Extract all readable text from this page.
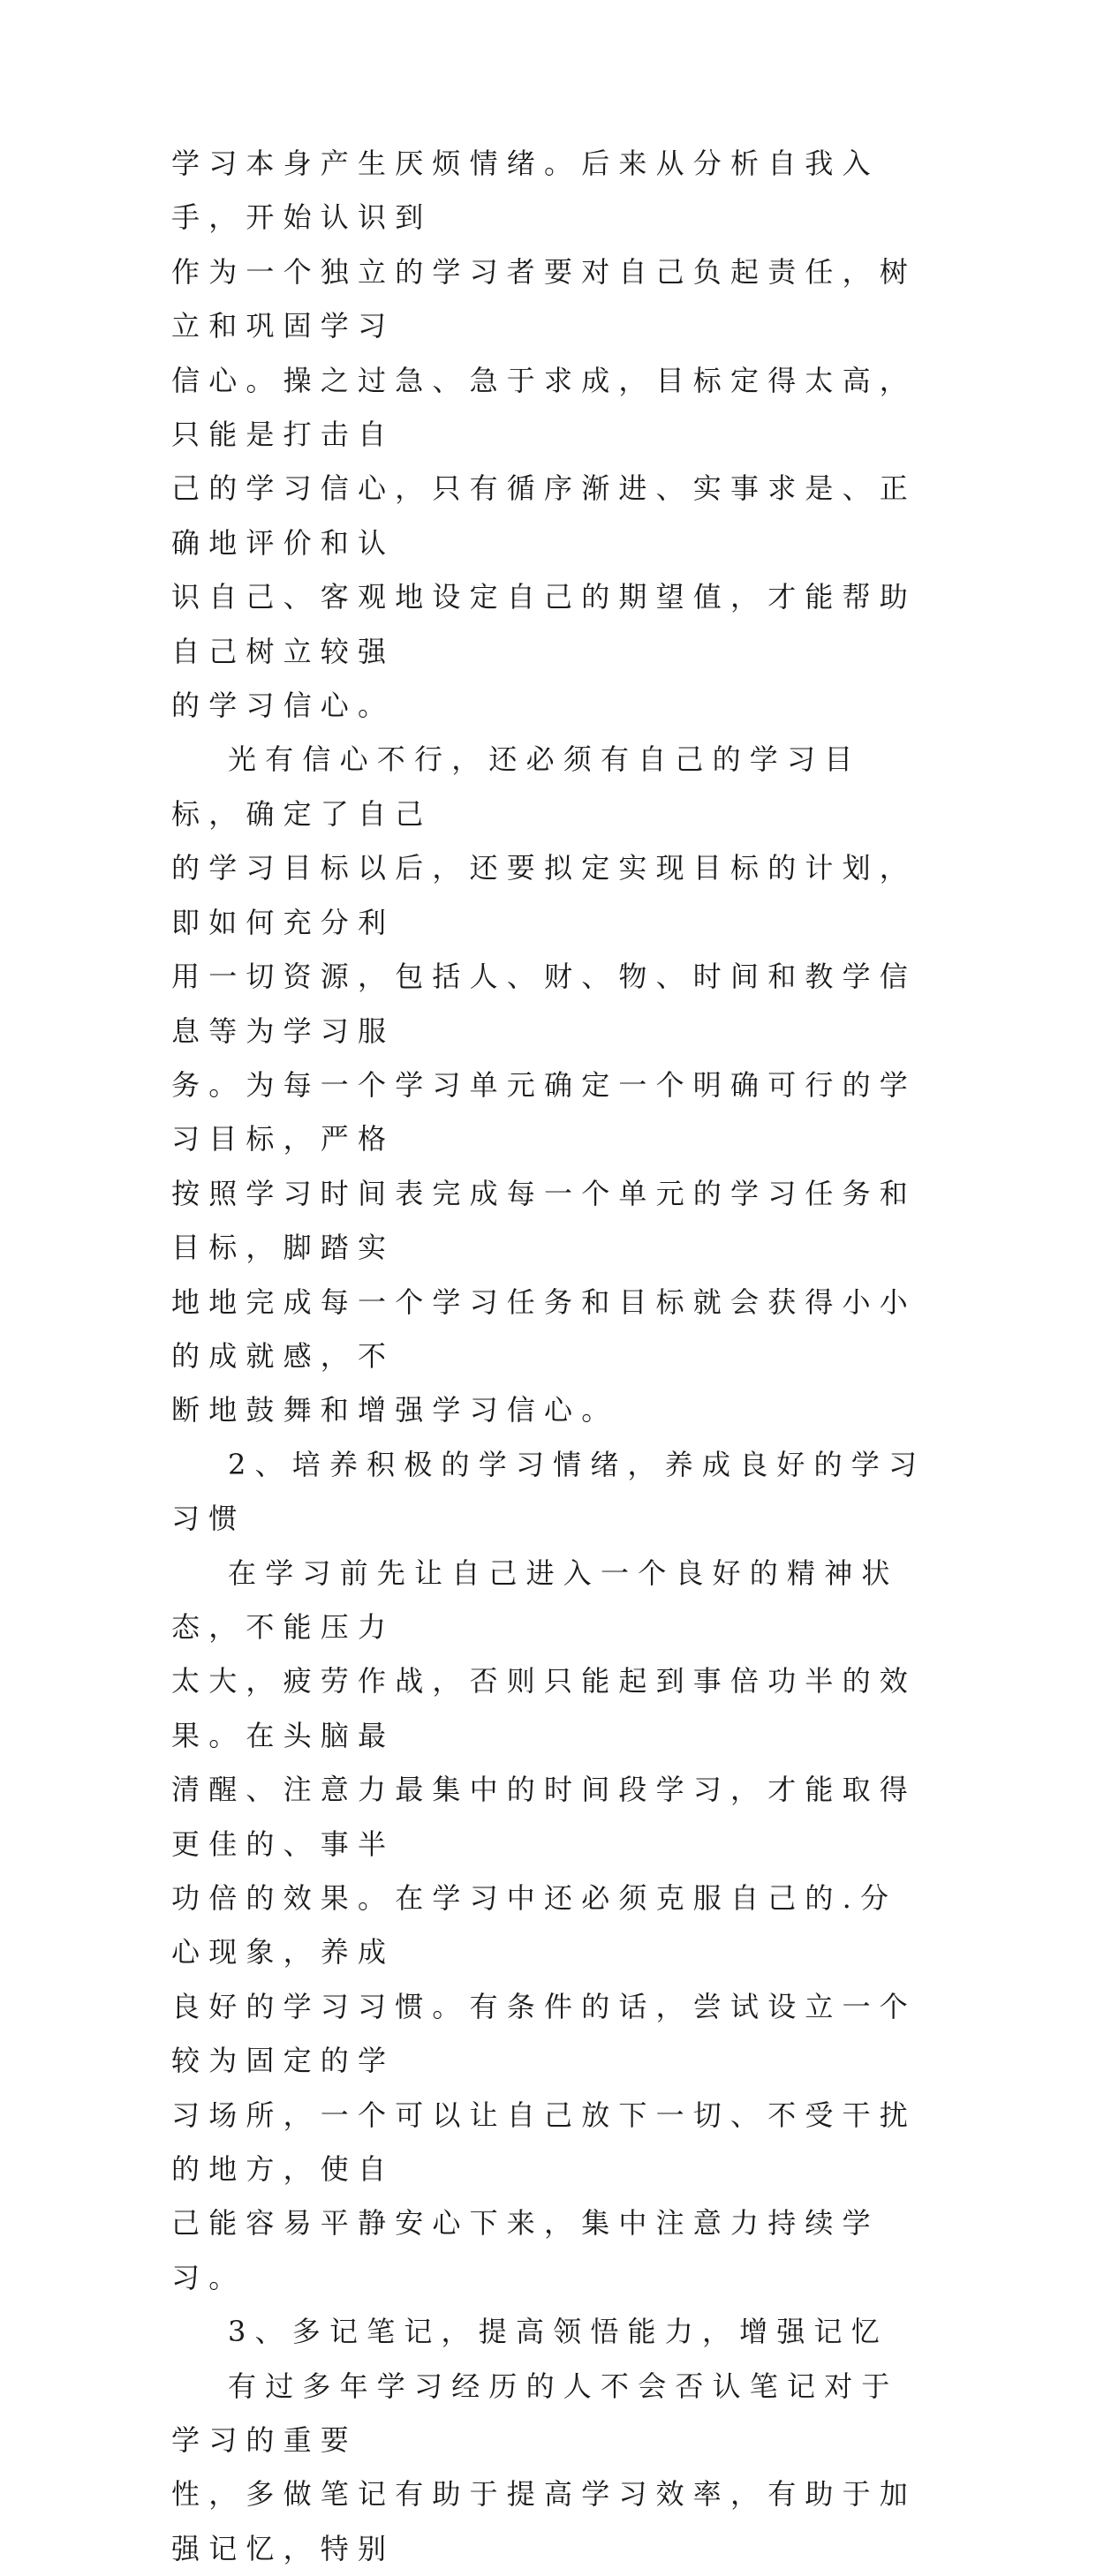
学习本身产生厌烦情绪。后来从分析自我入手，开始认识到
作为一个独立的学习者要对自己负起责任，树立和巩固学习
信心。操之过急、急于求成，目标定得太高，只能是打击自
己的学习信心，只有循序渐进、实事求是、正确地评价和认
识自己、客观地设定自己的期望值，才能帮助自己树立较强
的学习信心。
光有信心不行，还必须有自己的学习目标，确定了自己
的学习目标以后，还要拟定实现目标的计划，即如何充分利
用一切资源，包括人、财、物、时间和教学信息等为学习服
务。为每一个学习单元确定一个明确可行的学习目标，严格
按照学习时间表完成每一个单元的学习任务和目标，脚踏实
地地完成每一个学习任务和目标就会获得小小的成就感，不
断地鼓舞和增强学习信心。
2、培养积极的学习情绪，养成良好的学习习惯
在学习前先让自己进入一个良好的精神状态，不能压力
太大，疲劳作战，否则只能起到事倍功半的效果。在头脑最
清醒、注意力最集中的时间段学习，才能取得更佳的、事半
功倍的效果。在学习中还必须克服自己的.分心现象，养成
良好的学习习惯。有条件的话，尝试设立一个较为固定的学
习场所，一个可以让自己放下一切、不受干扰的地方，使自
己能容易平静安心下来，集中注意力持续学习。
3、多记笔记，提高领悟能力，增强记忆
有过多年学习经历的人不会否认笔记对于学习的重要
性，多做笔记有助于提高学习效率，有助于加强记忆，特别
